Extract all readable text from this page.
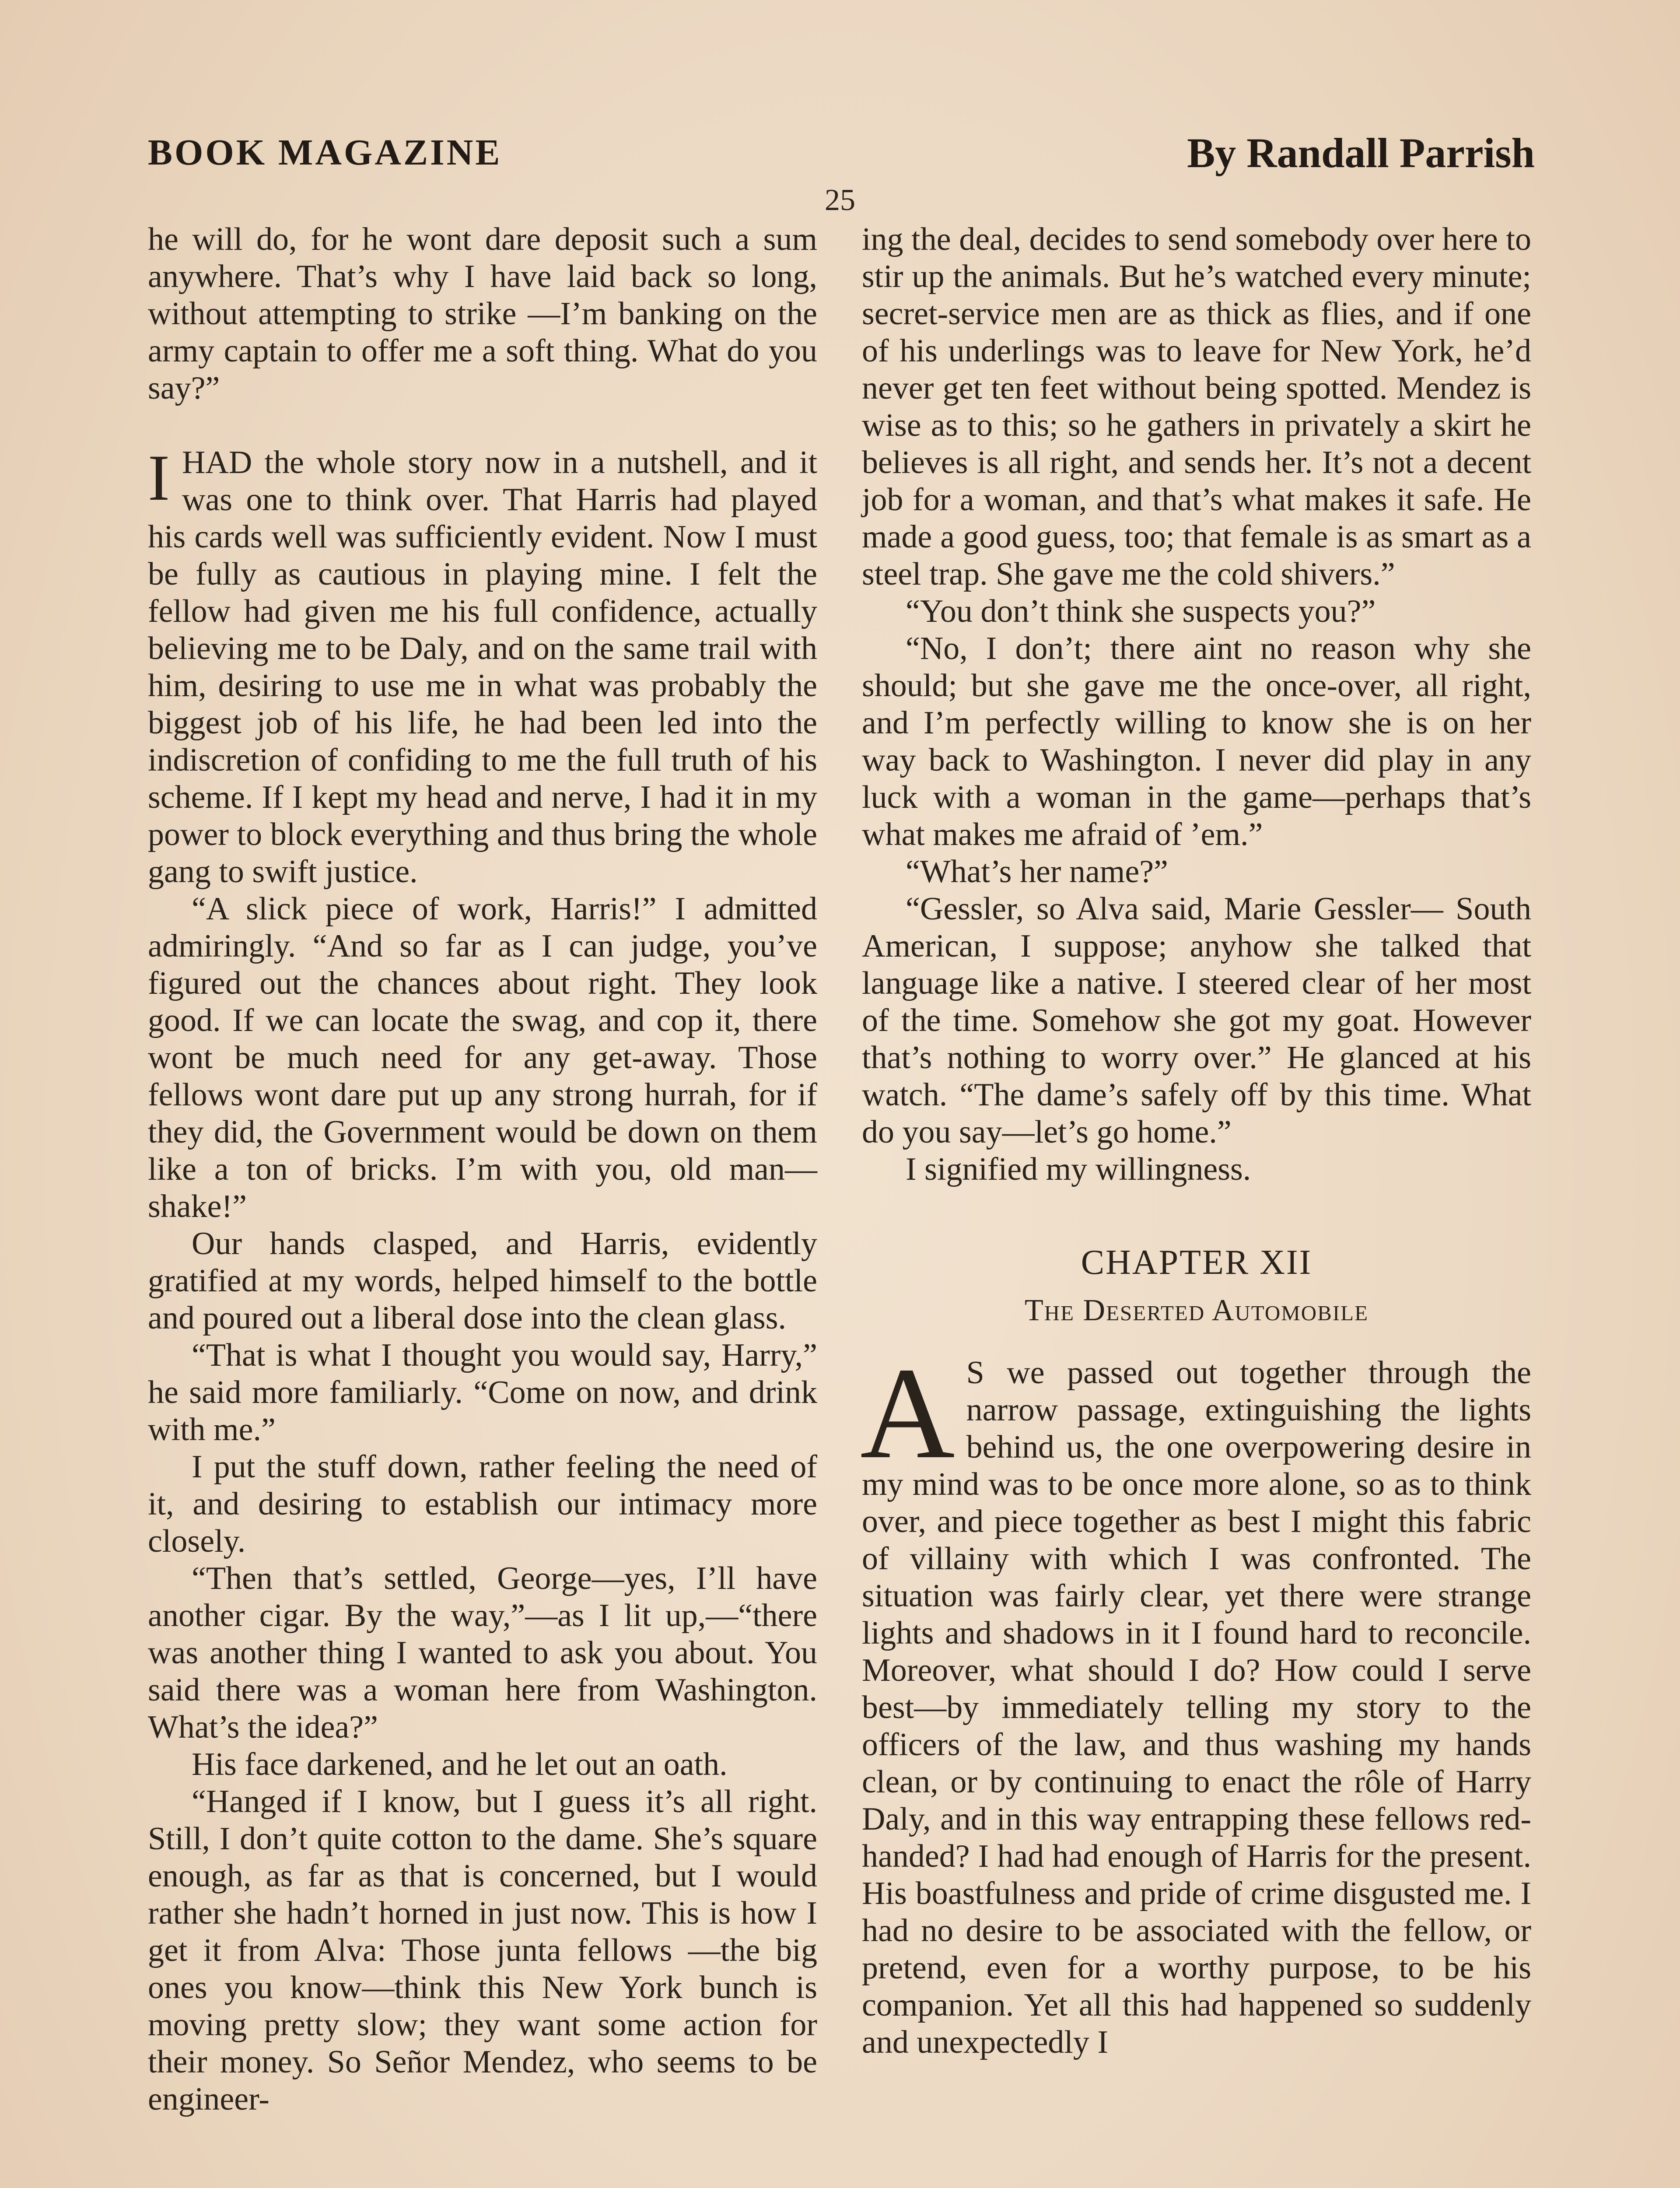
BOOK MAGAZINE	By Randall Parrish
25

he will do, for he wont dare deposit such a sum anywhere. That’s why I have laid back so long, without attempting to strike —I’m banking on the army captain to offer me a soft thing. What do you say?”

IHAD the whole story now in a nutshell, and it was one to think over. That Harris had played his cards well was sufficiently evident. Now I must be fully as cautious in playing mine. I felt the fellow had given me his full confidence, actually believing me to be Daly, and on the same trail with him, desiring to use me in what was probably the biggest job of his life, he had been led into the indiscretion of confiding to me the full truth of his scheme. If I kept my head and nerve, I had it in my power to block everything and thus bring the whole gang to swift justice.

“A slick piece of work, Harris!” I admitted admiringly. “And so far as I can judge, you’ve figured out the chances about right. They look good. If we can locate the swag, and cop it, there wont be much need for any get-away. Those fellows wont dare put up any strong hurrah, for if they did, the Government would be down on them like a ton of bricks. I’m with you, old man—shake!”

Our hands clasped, and Harris, evidently gratified at my words, helped himself to the bottle and poured out a liberal dose into the clean glass.

“That is what I thought you would say, Harry,” he said more familiarly. “Come on now, and drink with me.”

I put the stuff down, rather feeling the need of it, and desiring to establish our intimacy more closely.

“Then that’s settled, George—yes, I’ll have another cigar. By the way,”—as I lit up,—“there was another thing I wanted to ask you about. You said there was a woman here from Washington. What’s the idea?”

His face darkened, and he let out an oath.

“Hanged if I know, but I guess it’s all right. Still, I don’t quite cotton to the dame. She’s square enough, as far as that is concerned, but I would rather she hadn’t horned in just now. This is how I get it from Alva: Those junta fellows —the big ones you know—think this New York bunch is moving pretty slow; they want some action for their money. So Señor Mendez, who seems to be engineer-

ing the deal, decides to send somebody over here to stir up the animals. But he’s watched every minute; secret-service men are as thick as flies, and if one of his underlings was to leave for New York, he’d never get ten feet without being spotted. Mendez is wise as to this; so he gathers in privately a skirt he believes is all right, and sends her. It’s not a decent job for a woman, and that’s what makes it safe. He made a good guess, too; that female is as smart as a steel trap. She gave me the cold shivers.”

“You don’t think she suspects you?”

“No, I don’t; there aint no reason why she should; but she gave me the once-over, all right, and I’m perfectly willing to know she is on her way back to Washington. I never did play in any luck with a woman in the game—perhaps that’s what makes me afraid of ’em.”

“What’s her name?”

“Gessler, so Alva said, Marie Gessler— South American, I suppose; anyhow she talked that language like a native. I steered clear of her most of the time. Somehow she got my goat. However that’s nothing to worry over.” He glanced at his watch. “The dame’s safely off by this time. What do you say—let’s go home.”

I signified my willingness.

CHAPTER XII
The Deserted Automobile

A S we passed out together through the narrow passage, extinguishing the lights behind us, the one overpowering desire in my mind was to be once more alone, so as to think over, and piece together as best I might this fabric of villainy with which I was confronted. The situation was fairly clear, yet there were strange lights and shadows in it I found hard to reconcile. Moreover, what should I do? How could I serve best—by immediately telling my story to the officers of the law, and thus washing my hands clean, or by continuing to enact the rôle of Harry Daly, and in this way entrapping these fellows red-handed? I had had enough of Harris for the present. His boastfulness and pride of crime disgusted me. I had no desire to be associated with the fellow, or pretend, even for a worthy purpose, to be his companion. Yet all this had happened so suddenly and unexpectedly I
